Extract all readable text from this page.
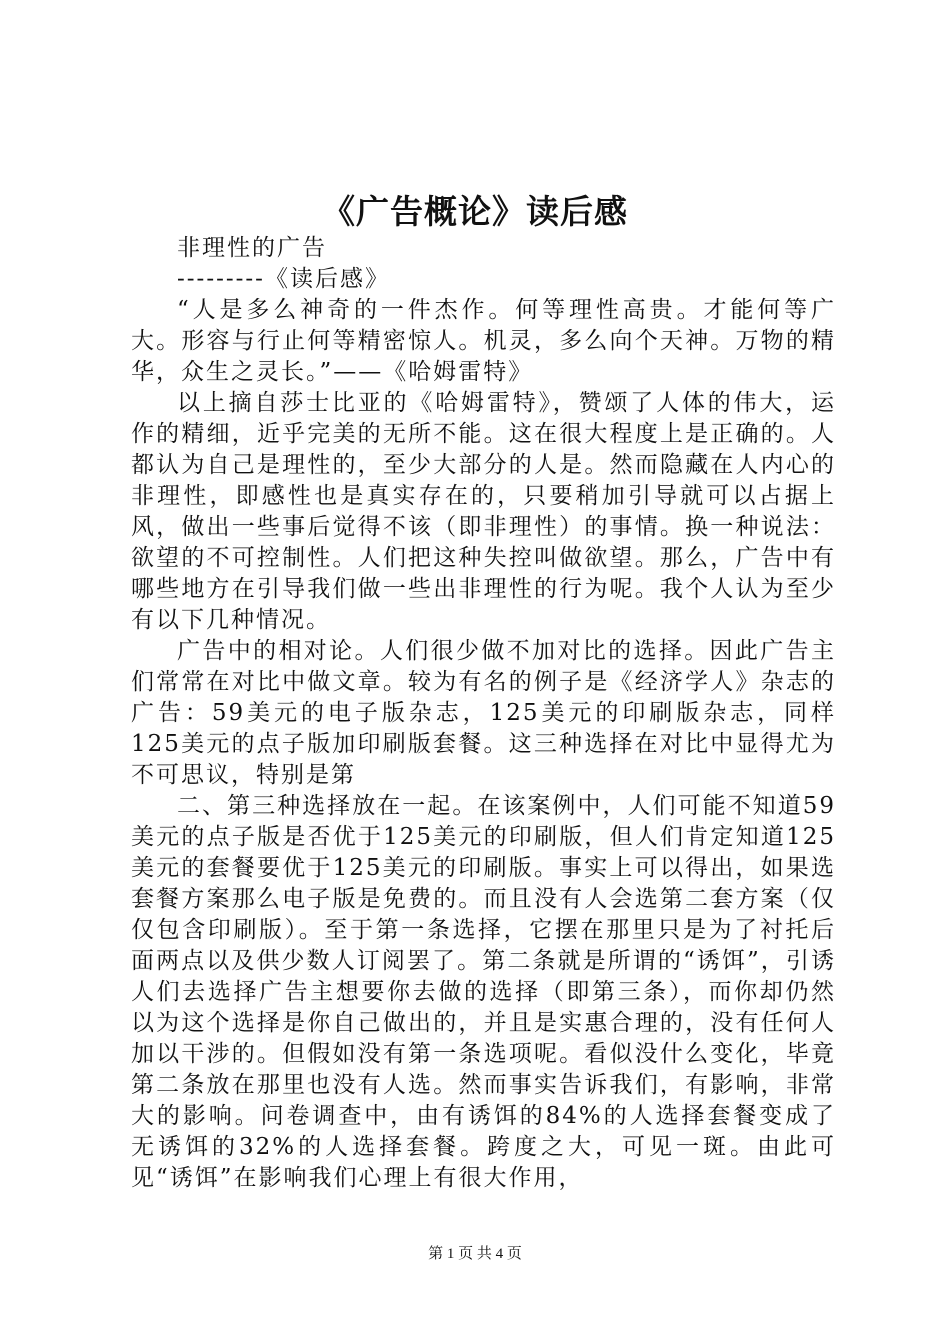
《广告概论》读后感

非理性的广告

---------《读后感》

“人是多么神奇的一件杰作。何等理性高贵。才能何等广大。形容与行止何等精密惊人。机灵，多么向个天神。万物的精华，众生之灵长。”——《哈姆雷特》

以上摘自莎士比亚的《哈姆雷特》，赞颂了人体的伟大，运作的精细，近乎完美的无所不能。这在很大程度上是正确的。人都认为自己是理性的，至少大部分的人是。然而隐藏在人内心的非理性，即感性也是真实存在的，只要稍加引导就可以占据上风，做出一些事后觉得不该（即非理性）的事情。换一种说法：欲望的不可控制性。人们把这种失控叫做欲望。那么，广告中有哪些地方在引导我们做一些出非理性的行为呢。我个人认为至少有以下几种情况。

广告中的相对论。人们很少做不加对比的选择。因此广告主们常常在对比中做文章。较为有名的例子是《经济学人》杂志的广告：59美元的电子版杂志，125美元的印刷版杂志，同样125美元的点子版加印刷版套餐。这三种选择在对比中显得尤为不可思议，特别是第

二、第三种选择放在一起。在该案例中，人们可能不知道59美元的点子版是否优于125美元的印刷版，但人们肯定知道125美元的套餐要优于125美元的印刷版。事实上可以得出，如果选套餐方案那么电子版是免费的。而且没有人会选第二套方案（仅仅包含印刷版）。至于第一条选择，它摆在那里只是为了衬托后面两点以及供少数人订阅罢了。第二条就是所谓的“诱饵”，引诱人们去选择广告主想要你去做的选择（即第三条），而你却仍然以为这个选择是你自己做出的，并且是实惠合理的，没有任何人加以干涉的。但假如没有第一条选项呢。看似没什么变化，毕竟第二条放在那里也没有人选。然而事实告诉我们，有影响，非常大的影响。问卷调查中，由有诱饵的84%的人选择套餐变成了无诱饵的32%的人选择套餐。跨度之大，可见一斑。由此可见“诱饵”在影响我们心理上有很大作用，

第 1 页 共 4 页
